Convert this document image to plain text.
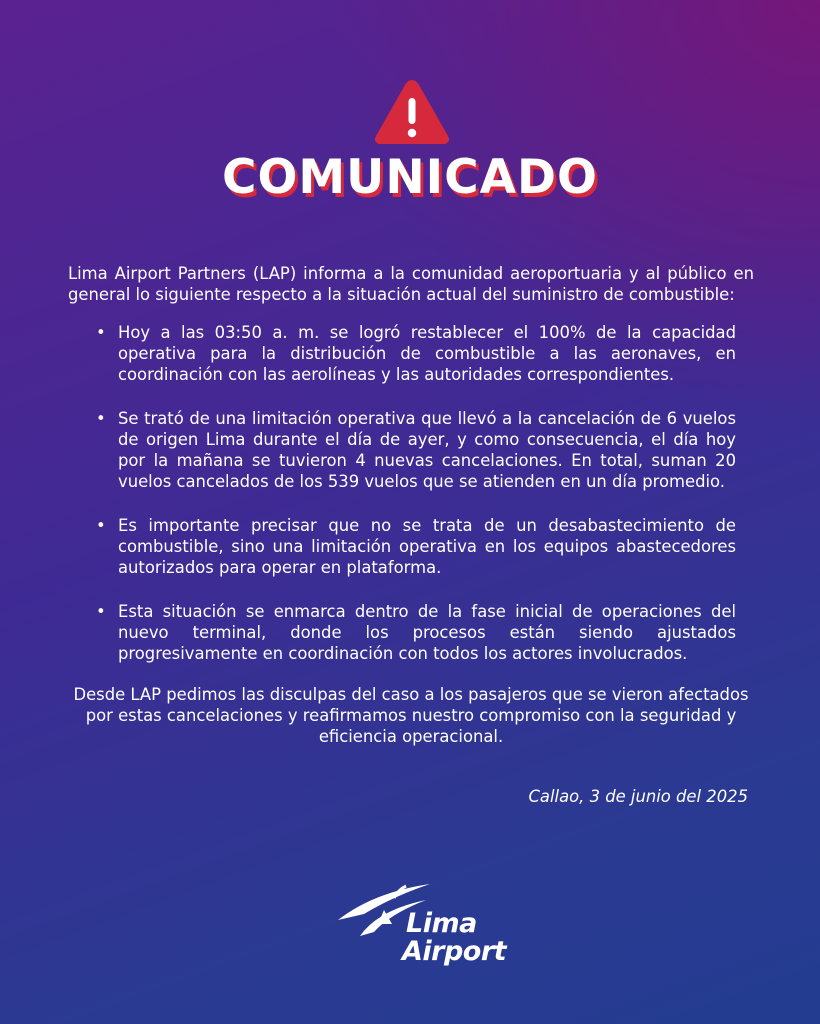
COMUNICADO

Lima Airport Partners (LAP) informa a la comunidad aeroportuaria y al público en general lo siguiente respecto a la situación actual del suministro de combustible:

• Hoy a las 03:50 a. m. se logró restablecer el 100% de la capacidad operativa para la distribución de combustible a las aeronaves, en coordinación con las aerolíneas y las autoridades correspondientes.
• Se trató de una limitación operativa que llevó a la cancelación de 6 vuelos de origen Lima durante el día de ayer, y como consecuencia, el día hoy por la mañana se tuvieron 4 nuevas cancelaciones. En total, suman 20 vuelos cancelados de los 539 vuelos que se atienden en un día promedio.
• Es importante precisar que no se trata de un desabastecimiento de combustible, sino una limitación operativa en los equipos abastecedores autorizados para operar en plataforma.
• Esta situación se enmarca dentro de la fase inicial de operaciones del nuevo terminal, donde los procesos están siendo ajustados progresivamente en coordinación con todos los actores involucrados.

Desde LAP pedimos las disculpas del caso a los pasajeros que se vieron afectados por estas cancelaciones y reafirmamos nuestro compromiso con la seguridad y eficiencia operacional.

Callao, 3 de junio del 2025
Lima
Airport
